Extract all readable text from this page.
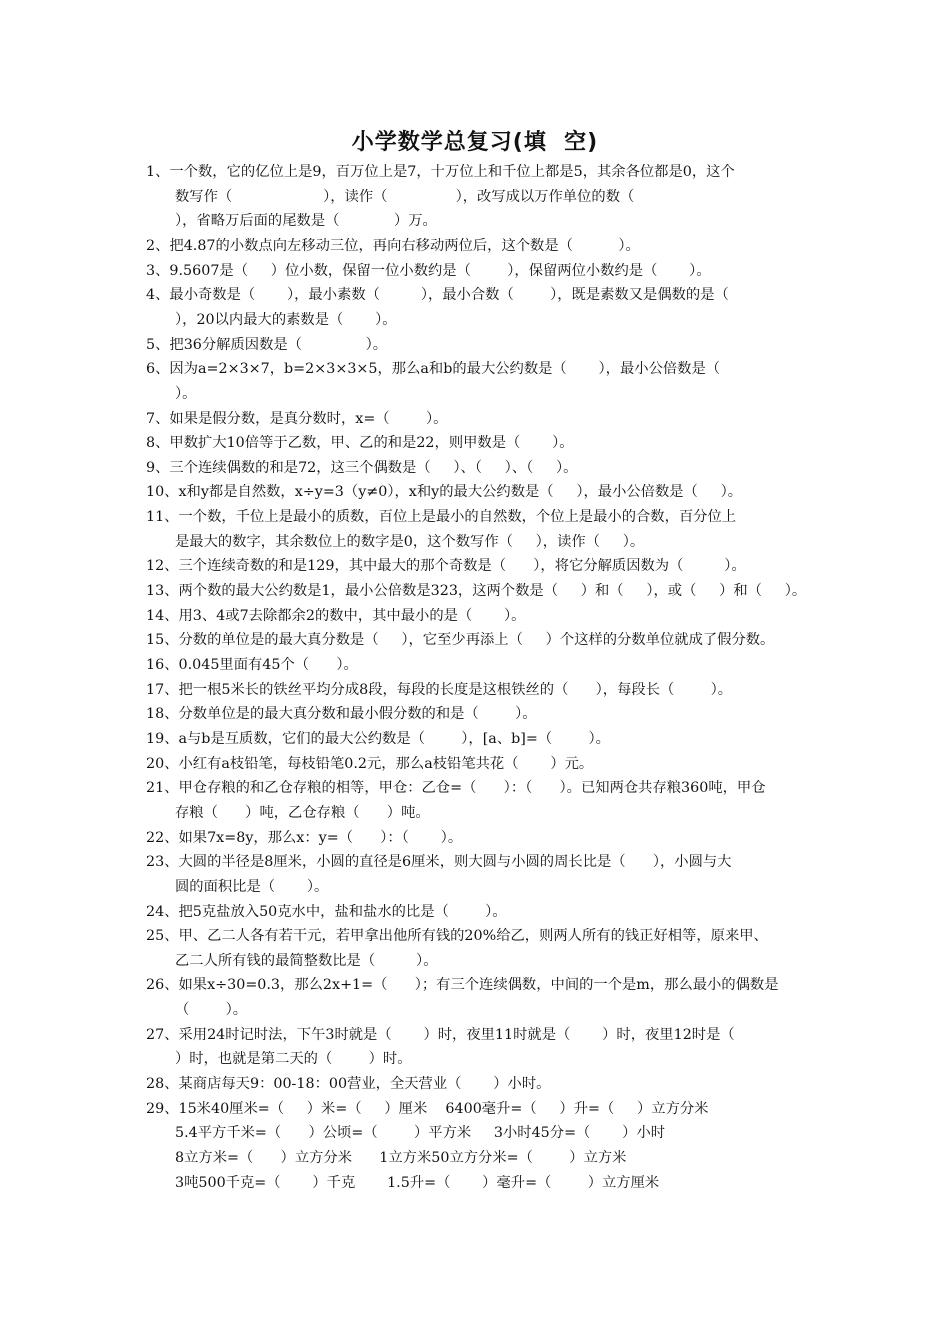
小学数学总复习(填  空)
1、一个数，它的亿位上是9，百万位上是7，十万位上和千位上都是5，其余各位都是0，这个
数写作（                    ），读作（               ），改写成以万作单位的数（
），省略万后面的尾数是（            ）万。
2、把4.87的小数点向左移动三位，再向右移动两位后，这个数是（          ）。
3、9.5607是（     ）位小数，保留一位小数约是（        ），保留两位小数约是（       ）。
4、最小奇数是（       ），最小素数（         ），最小合数（        ），既是素数又是偶数的是（
），20以内最大的素数是（       ）。
5、把36分解质因数是（              ）。
6、因为a=2×3×7，b=2×3×3×5，那么a和b的最大公约数是（       ），最小公倍数是（
）。
7、如果是假分数，是真分数时，x=（        ）。
8、甲数扩大10倍等于乙数，甲、乙的和是22，则甲数是（       ）。
9、三个连续偶数的和是72，这三个偶数是（     ）、（     ）、（     ）。
10、x和y都是自然数，x÷y=3（y≠0），x和y的最大公约数是（     ），最小公倍数是（     ）。
11、一个数，千位上是最小的质数，百位上是最小的自然数，个位上是最小的合数，百分位上
是最大的数字，其余数位上的数字是0，这个数写作（     ），读作（     ）。
12、三个连续奇数的和是129，其中最大的那个奇数是（      ），将它分解质因数为（         ）。
13、两个数的最大公约数是1，最小公倍数是323，这两个数是（     ）和（     ），或（     ）和（     ）。
14、用3、4或7去除都余2的数中，其中最小的是（       ）。
15、分数的单位是的最大真分数是（     ），它至少再添上（     ）个这样的分数单位就成了假分数。
16、0.045里面有45个（      ）。
17、把一根5米长的铁丝平均分成8段，每段的长度是这根铁丝的（      ），每段长（        ）。
18、分数单位是的最大真分数和最小假分数的和是（        ）。
19、a与b是互质数，它们的最大公约数是（        ），[a、b]=（        ）。
20、小红有a枝铅笔，每枝铅笔0.2元，那么a枝铅笔共花（       ）元。
21、甲仓存粮的和乙仓存粮的相等，甲仓：乙仓=（      ）：（      ）。已知两仓共存粮360吨，甲仓
存粮（      ）吨，乙仓存粮（      ）吨。
22、如果7x=8y，那么x：y=（      ）：（       ）。
23、大圆的半径是8厘米，小圆的直径是6厘米，则大圆与小圆的周长比是（      ），小圆与大
圆的面积比是（       ）。
24、把5克盐放入50克水中，盐和盐水的比是（        ）。
25、甲、乙二人各有若干元，若甲拿出他所有钱的20%给乙，则两人所有的钱正好相等，原来甲、
乙二人所有钱的最简整数比是（         ）。
26、如果x÷30=0.3，那么2x+1=（      ）；有三个连续偶数，中间的一个是m，那么最小的偶数是
（        ）。
27、采用24时记时法，下午3时就是（       ）时，夜里11时就是（       ）时，夜里12时是（
）时，也就是第二天的（        ）时。
28、某商店每天9：00-18：00营业，全天营业（       ）小时。
29、15米40厘米=（     ）米=（     ）厘米    6400毫升=（     ）升=（     ）立方分米
5.4平方千米=（      ）公顷=（        ）平方米     3小时45分=（       ）小时
8立方米=（      ）立方分米      1立方米50立方分米=（        ）立方米
3吨500千克=（       ）千克       1.5升=（       ）毫升=（        ）立方厘米
